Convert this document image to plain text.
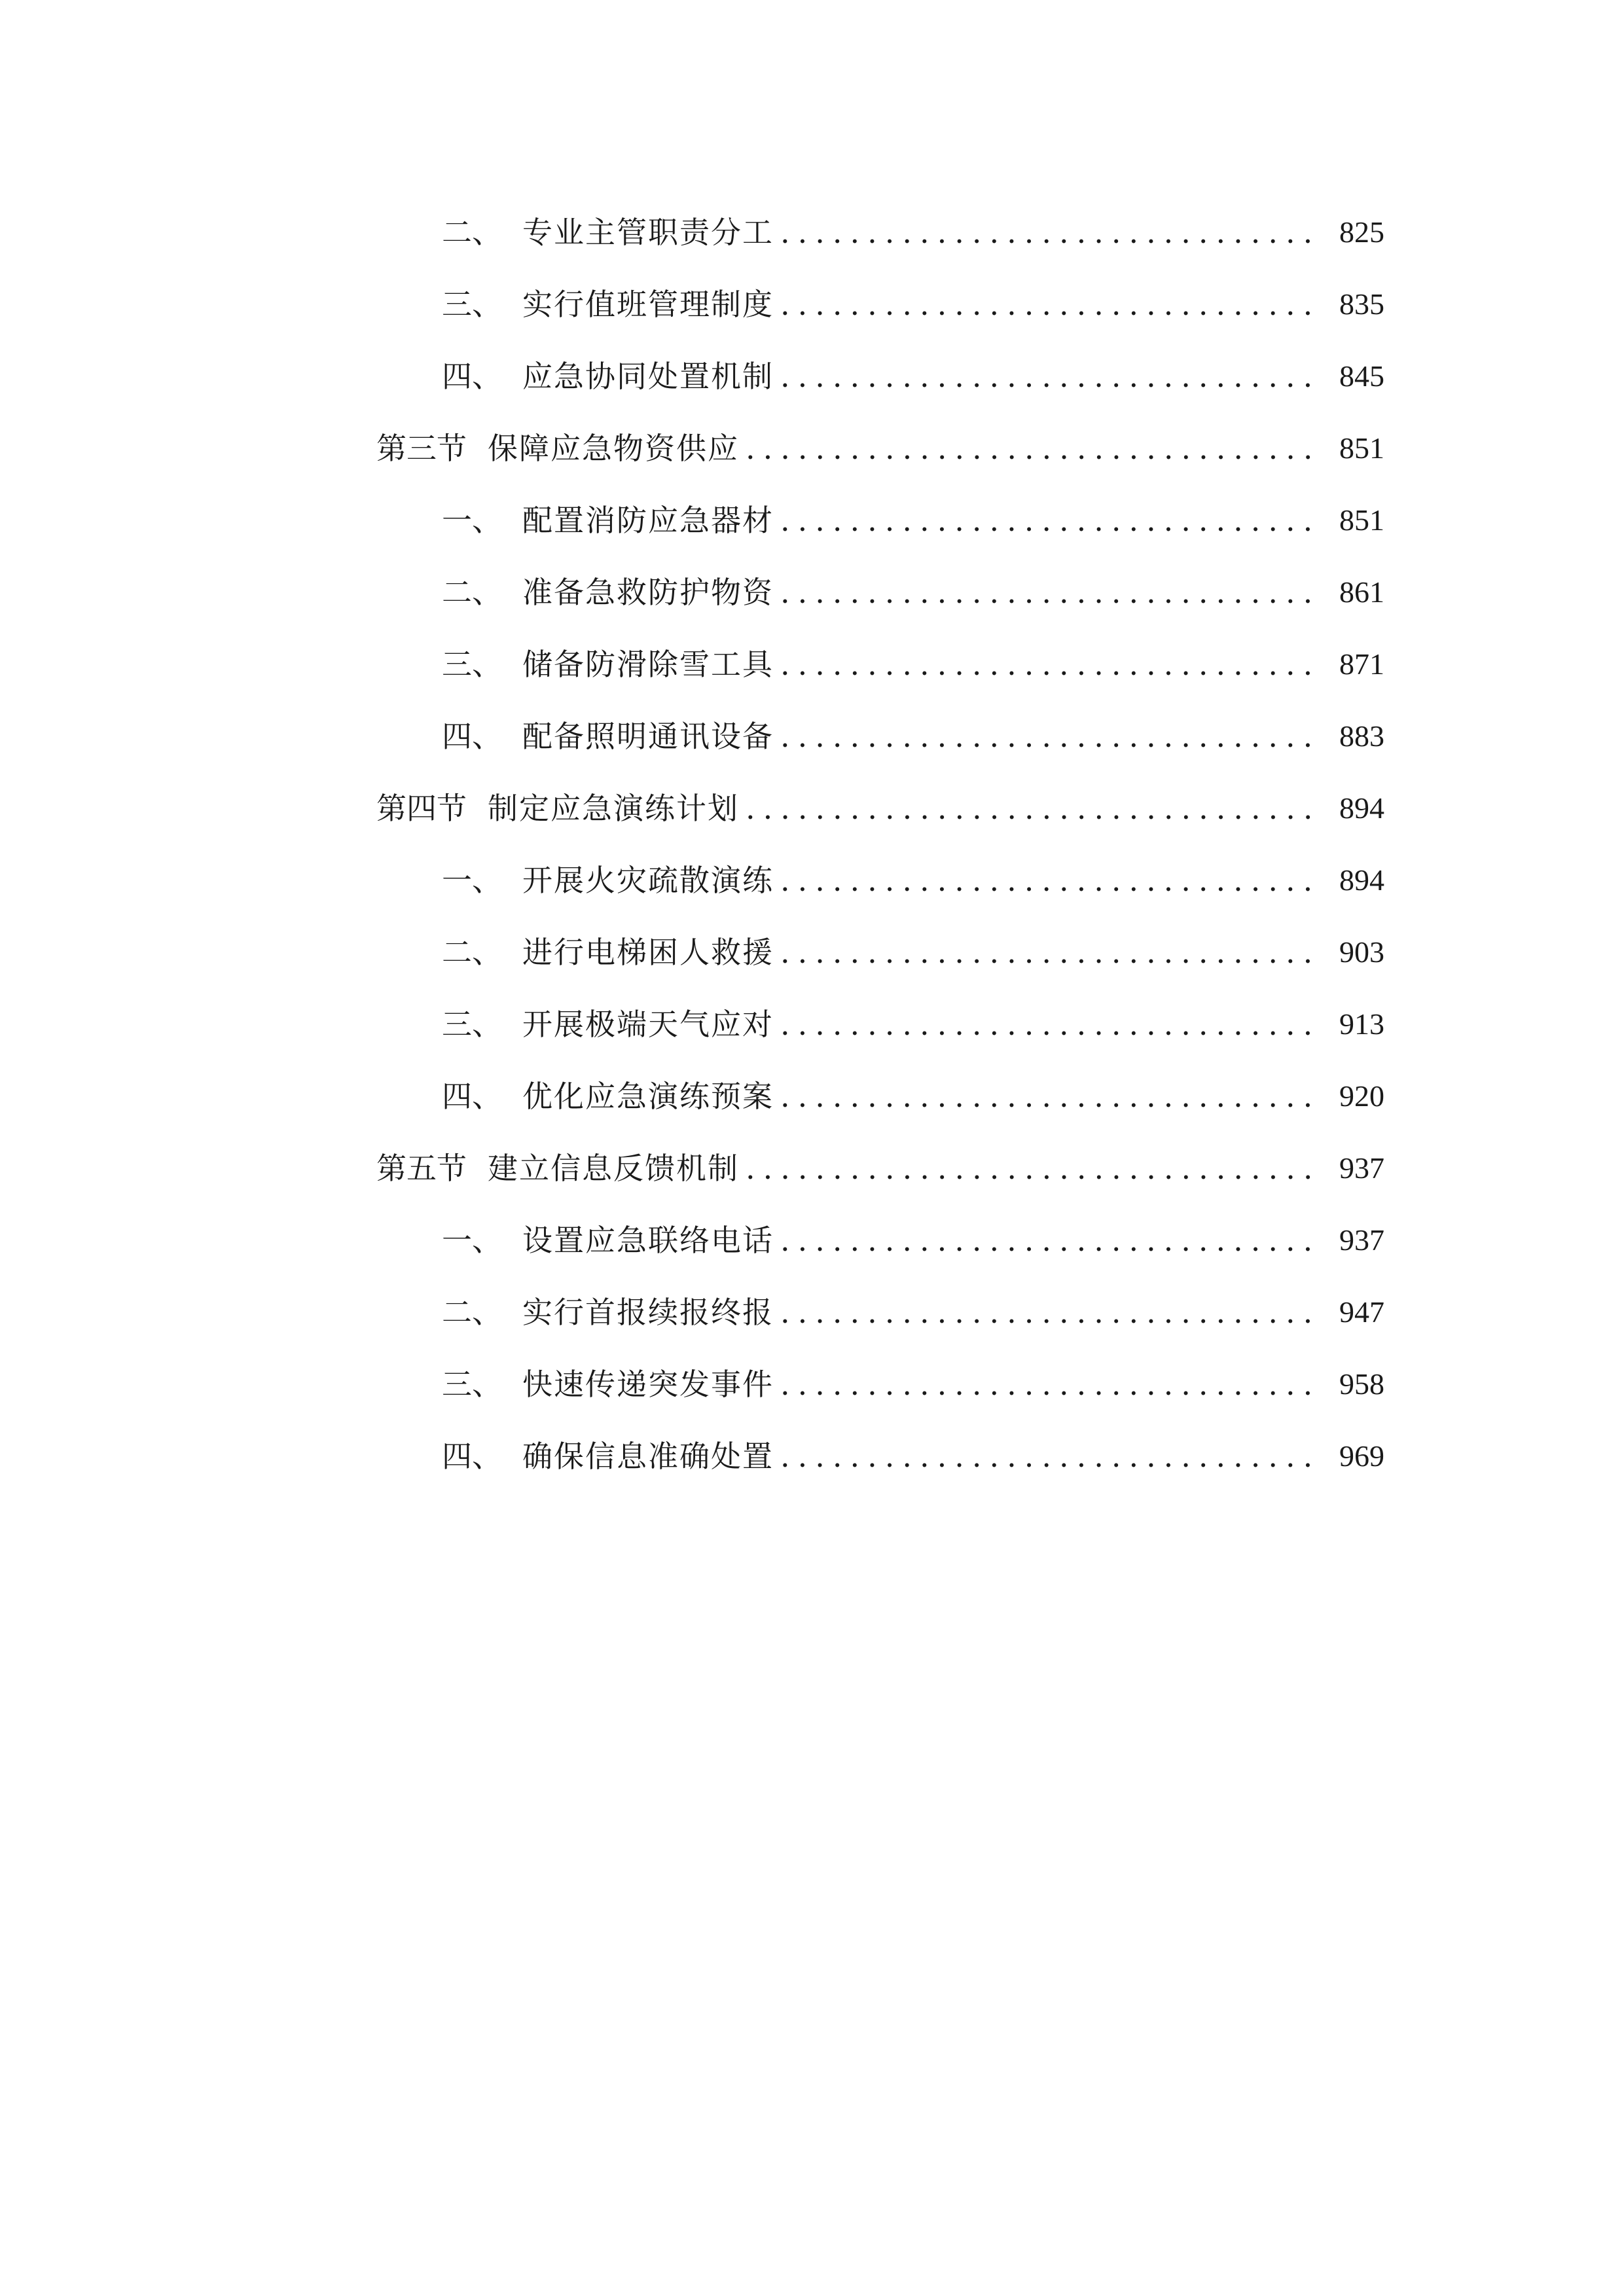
二、 专业主管职责分工 .....	825
三、 实行值班管理制度 .....	835
四、 应急协同处置机制 .....	845
第三节 保障应急物资供应 .....	851
一、 配置消防应急器材 .....	851
二、 准备急救防护物资 .....	861
三、 储备防滑除雪工具 .....	871
四、 配备照明通讯设备 .....	883
第四节 制定应急演练计划 .....	894
一、 开展火灾疏散演练 .....	894
二、 进行电梯困人救援 .....	903
三、 开展极端天气应对 .....	913
四、 优化应急演练预案 .....	920
第五节 建立信息反馈机制 .....	937
一、 设置应急联络电话 .....	937
二、 实行首报续报终报 .....	947
三、 快速传递突发事件 .....	958
四、 确保信息准确处置 .....	969
